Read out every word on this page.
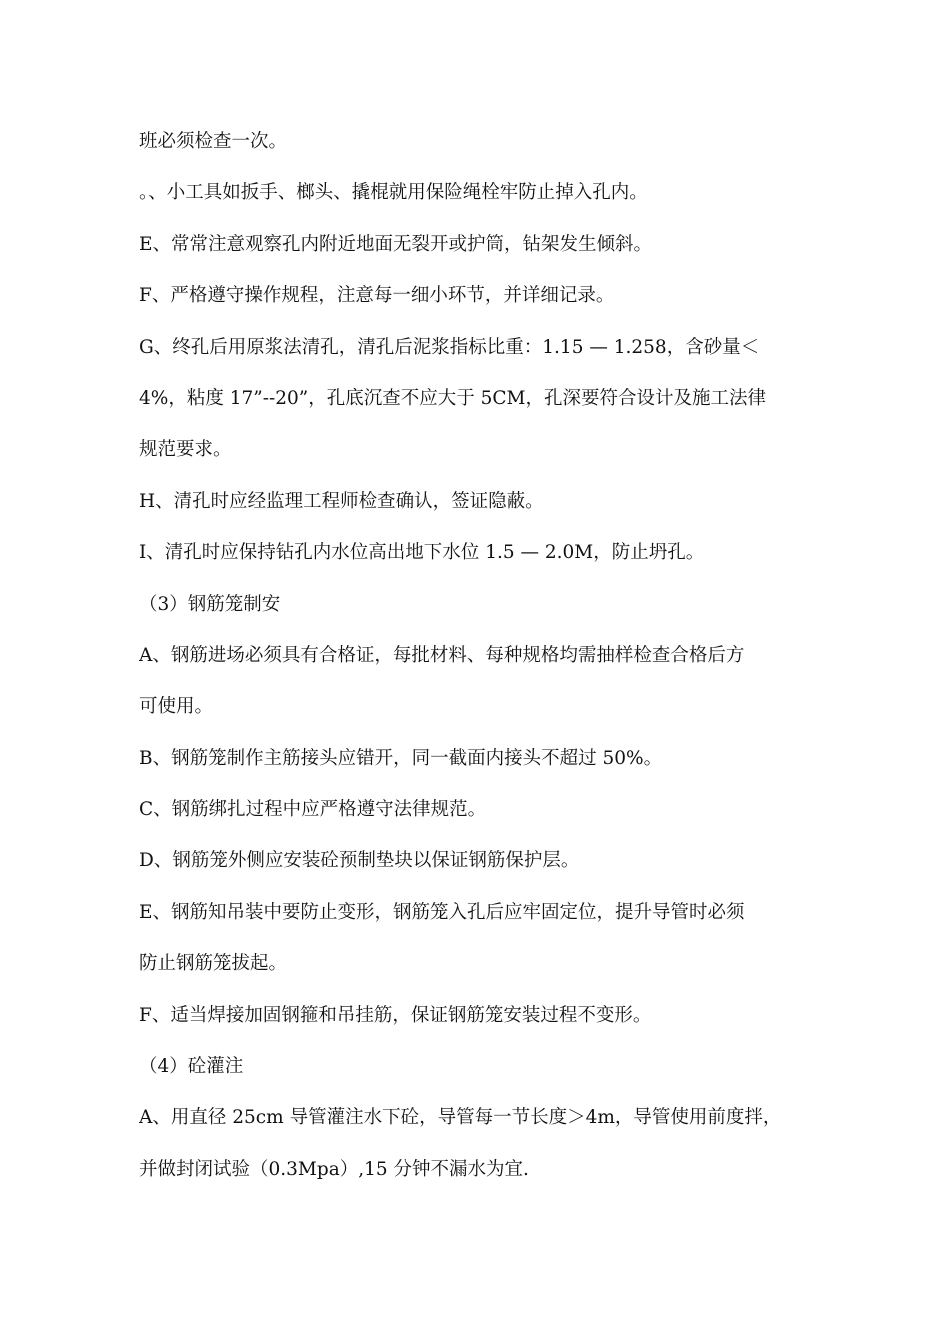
班必须检查一次。
。、小工具如扳手、榔头、撬棍就用保险绳栓牢防止掉入孔内。
E、常常注意观察孔内附近地面无裂开或护筒，钻架发生倾斜。
F、严格遵守操作规程，注意每一细小环节，并详细记录。
G、终孔后用原浆法清孔，清孔后泥浆指标比重：1.15 — 1.258，含砂量＜
4%，粘度 17”--20”，孔底沉查不应大于 5CM，孔深要符合设计及施工法律
规范要求。
H、清孔时应经监理工程师检查确认，签证隐蔽。
I、清孔时应保持钻孔内水位高出地下水位 1.5 — 2.0M，防止坍孔。
（3）钢筋笼制安
A、钢筋进场必须具有合格证，每批材料、每种规格均需抽样检查合格后方
可使用。
B、钢筋笼制作主筋接头应错开，同一截面内接头不超过 50%。
C、钢筋绑扎过程中应严格遵守法律规范。
D、钢筋笼外侧应安装砼预制垫块以保证钢筋保护层。
E、钢筋知吊装中要防止变形，钢筋笼入孔后应牢固定位，提升导管时必须
防止钢筋笼拔起。
F、适当焊接加固钢箍和吊挂筋，保证钢筋笼安装过程不变形。
（4）砼灌注
A、用直径 25cm 导管灌注水下砼，导管每一节长度＞4m，导管使用前度拌，
并做封闭试验（0.3Mpa）,15 分钟不漏水为宜.
